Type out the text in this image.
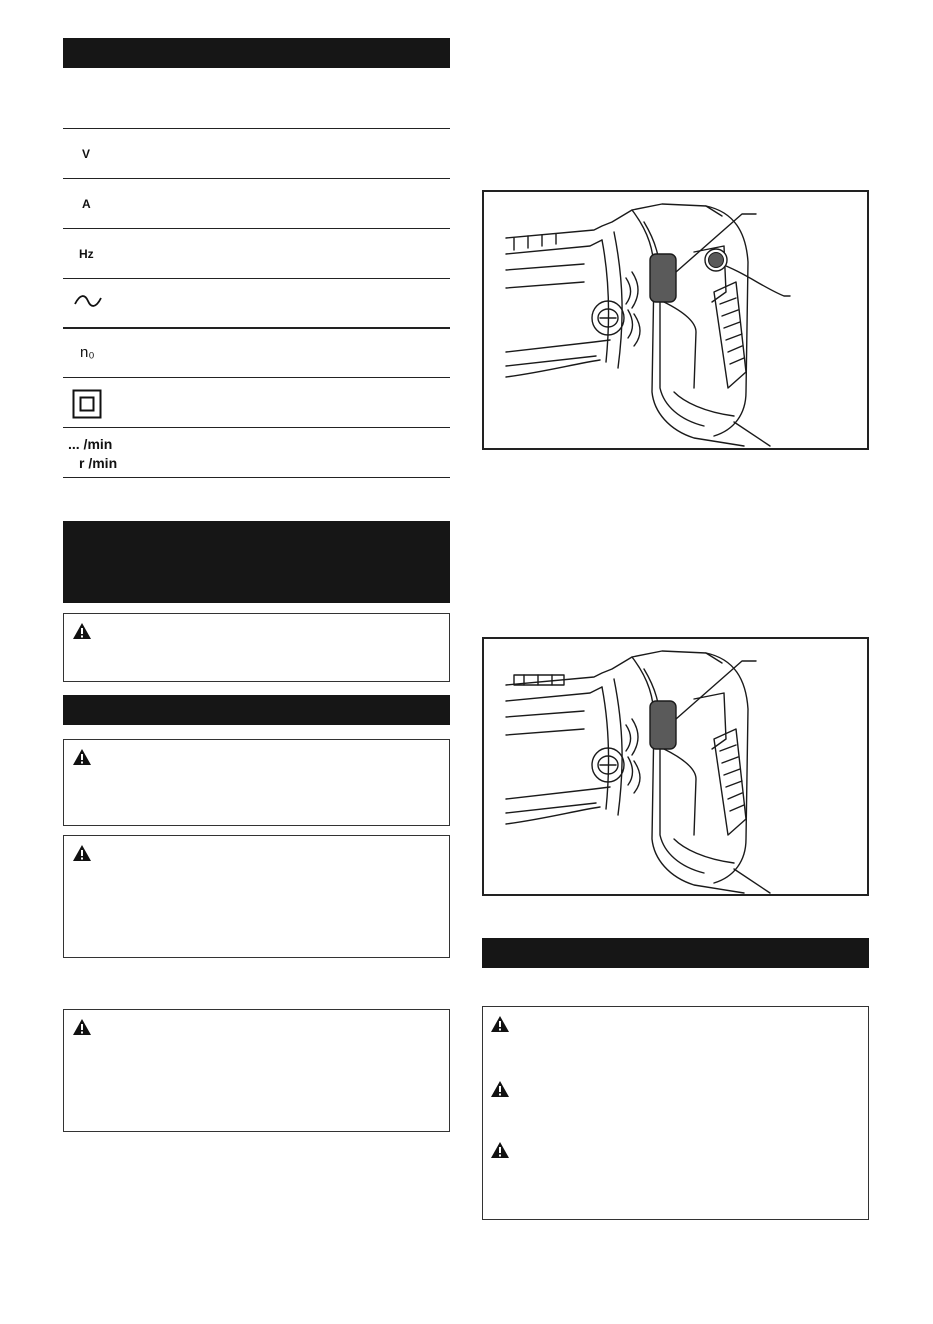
V
A
Hz
n₀
... /min
r /min
